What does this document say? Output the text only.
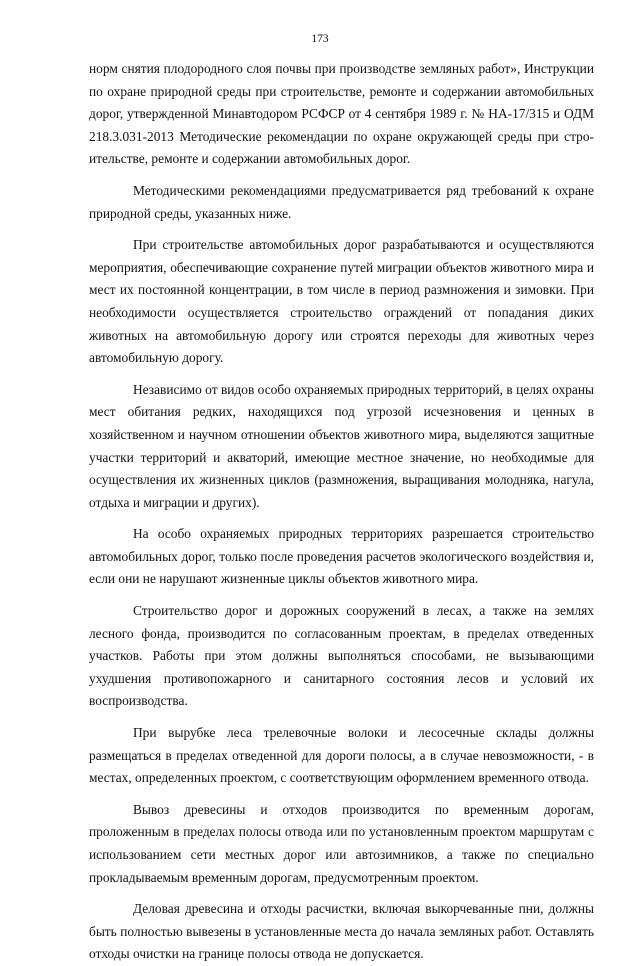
173

норм снятия плодородного слоя почвы при производстве земляных работ», Инструкции по охране природной среды при строительстве, ремонте и содержании автомобильных дорог, утвержденной Минавтодором РСФСР от 4 сентября 1989 г. № НА-17/315 и ОДМ 218.3.031-2013 Методические рекомендации по охране окружающей среды при строительстве, ремонте и содержании автомобильных дорог.

Методическими рекомендациями предусматривается ряд требований к охране природной среды, указанных ниже.

При строительстве автомобильных дорог разрабатываются и осуществляются мероприятия, обеспечивающие сохранение путей миграции объектов животного мира и мест их постоянной концентрации, в том числе в период размножения и зимовки. При необходимости осуществляется строительство ограждений от попадания диких животных на автомобильную дорогу или строятся переходы для животных через автомобильную дорогу.

Независимо от видов особо охраняемых природных территорий, в целях охраны мест обитания редких, находящихся под угрозой исчезновения и ценных в хозяйственном и научном отношении объектов животного мира, выделяются защитные участки территорий и акваторий, имеющие местное значение, но необходимые для осуществления их жизненных циклов (размножения, выращивания молодняка, нагула, отдыха и миграции и других).

На особо охраняемых природных территориях разрешается строительство автомобильных дорог, только после проведения расчетов экологического воздействия и, если они не нарушают жизненные циклы объектов животного мира.

Строительство дорог и дорожных сооружений в лесах, а также на землях лесного фонда, производится по согласованным проектам, в пределах отведенных участков. Работы при этом должны выполняться способами, не вызывающими ухудшения противопожарного и санитарного состояния лесов и условий их воспроизводства.

При вырубке леса трелевочные волоки и лесосечные склады должны размещаться в пределах отведенной для дороги полосы, а в случае невозможности, - в местах, определенных проектом, с соответствующим оформлением временного отвода.

Вывоз древесины и отходов производится по временным дорогам, проложенным в пределах полосы отвода или по установленным проектом маршрутам с использованием сети местных дорог или автозимников, а также по специально прокладываемым временным дорогам, предусмотренным проектом.

Деловая древесина и отходы расчистки, включая выкорчеванные пни, должны быть полностью вывезены в установленные места до начала земляных работ. Оставлять отходы очистки на границе полосы отвода не допускается.
